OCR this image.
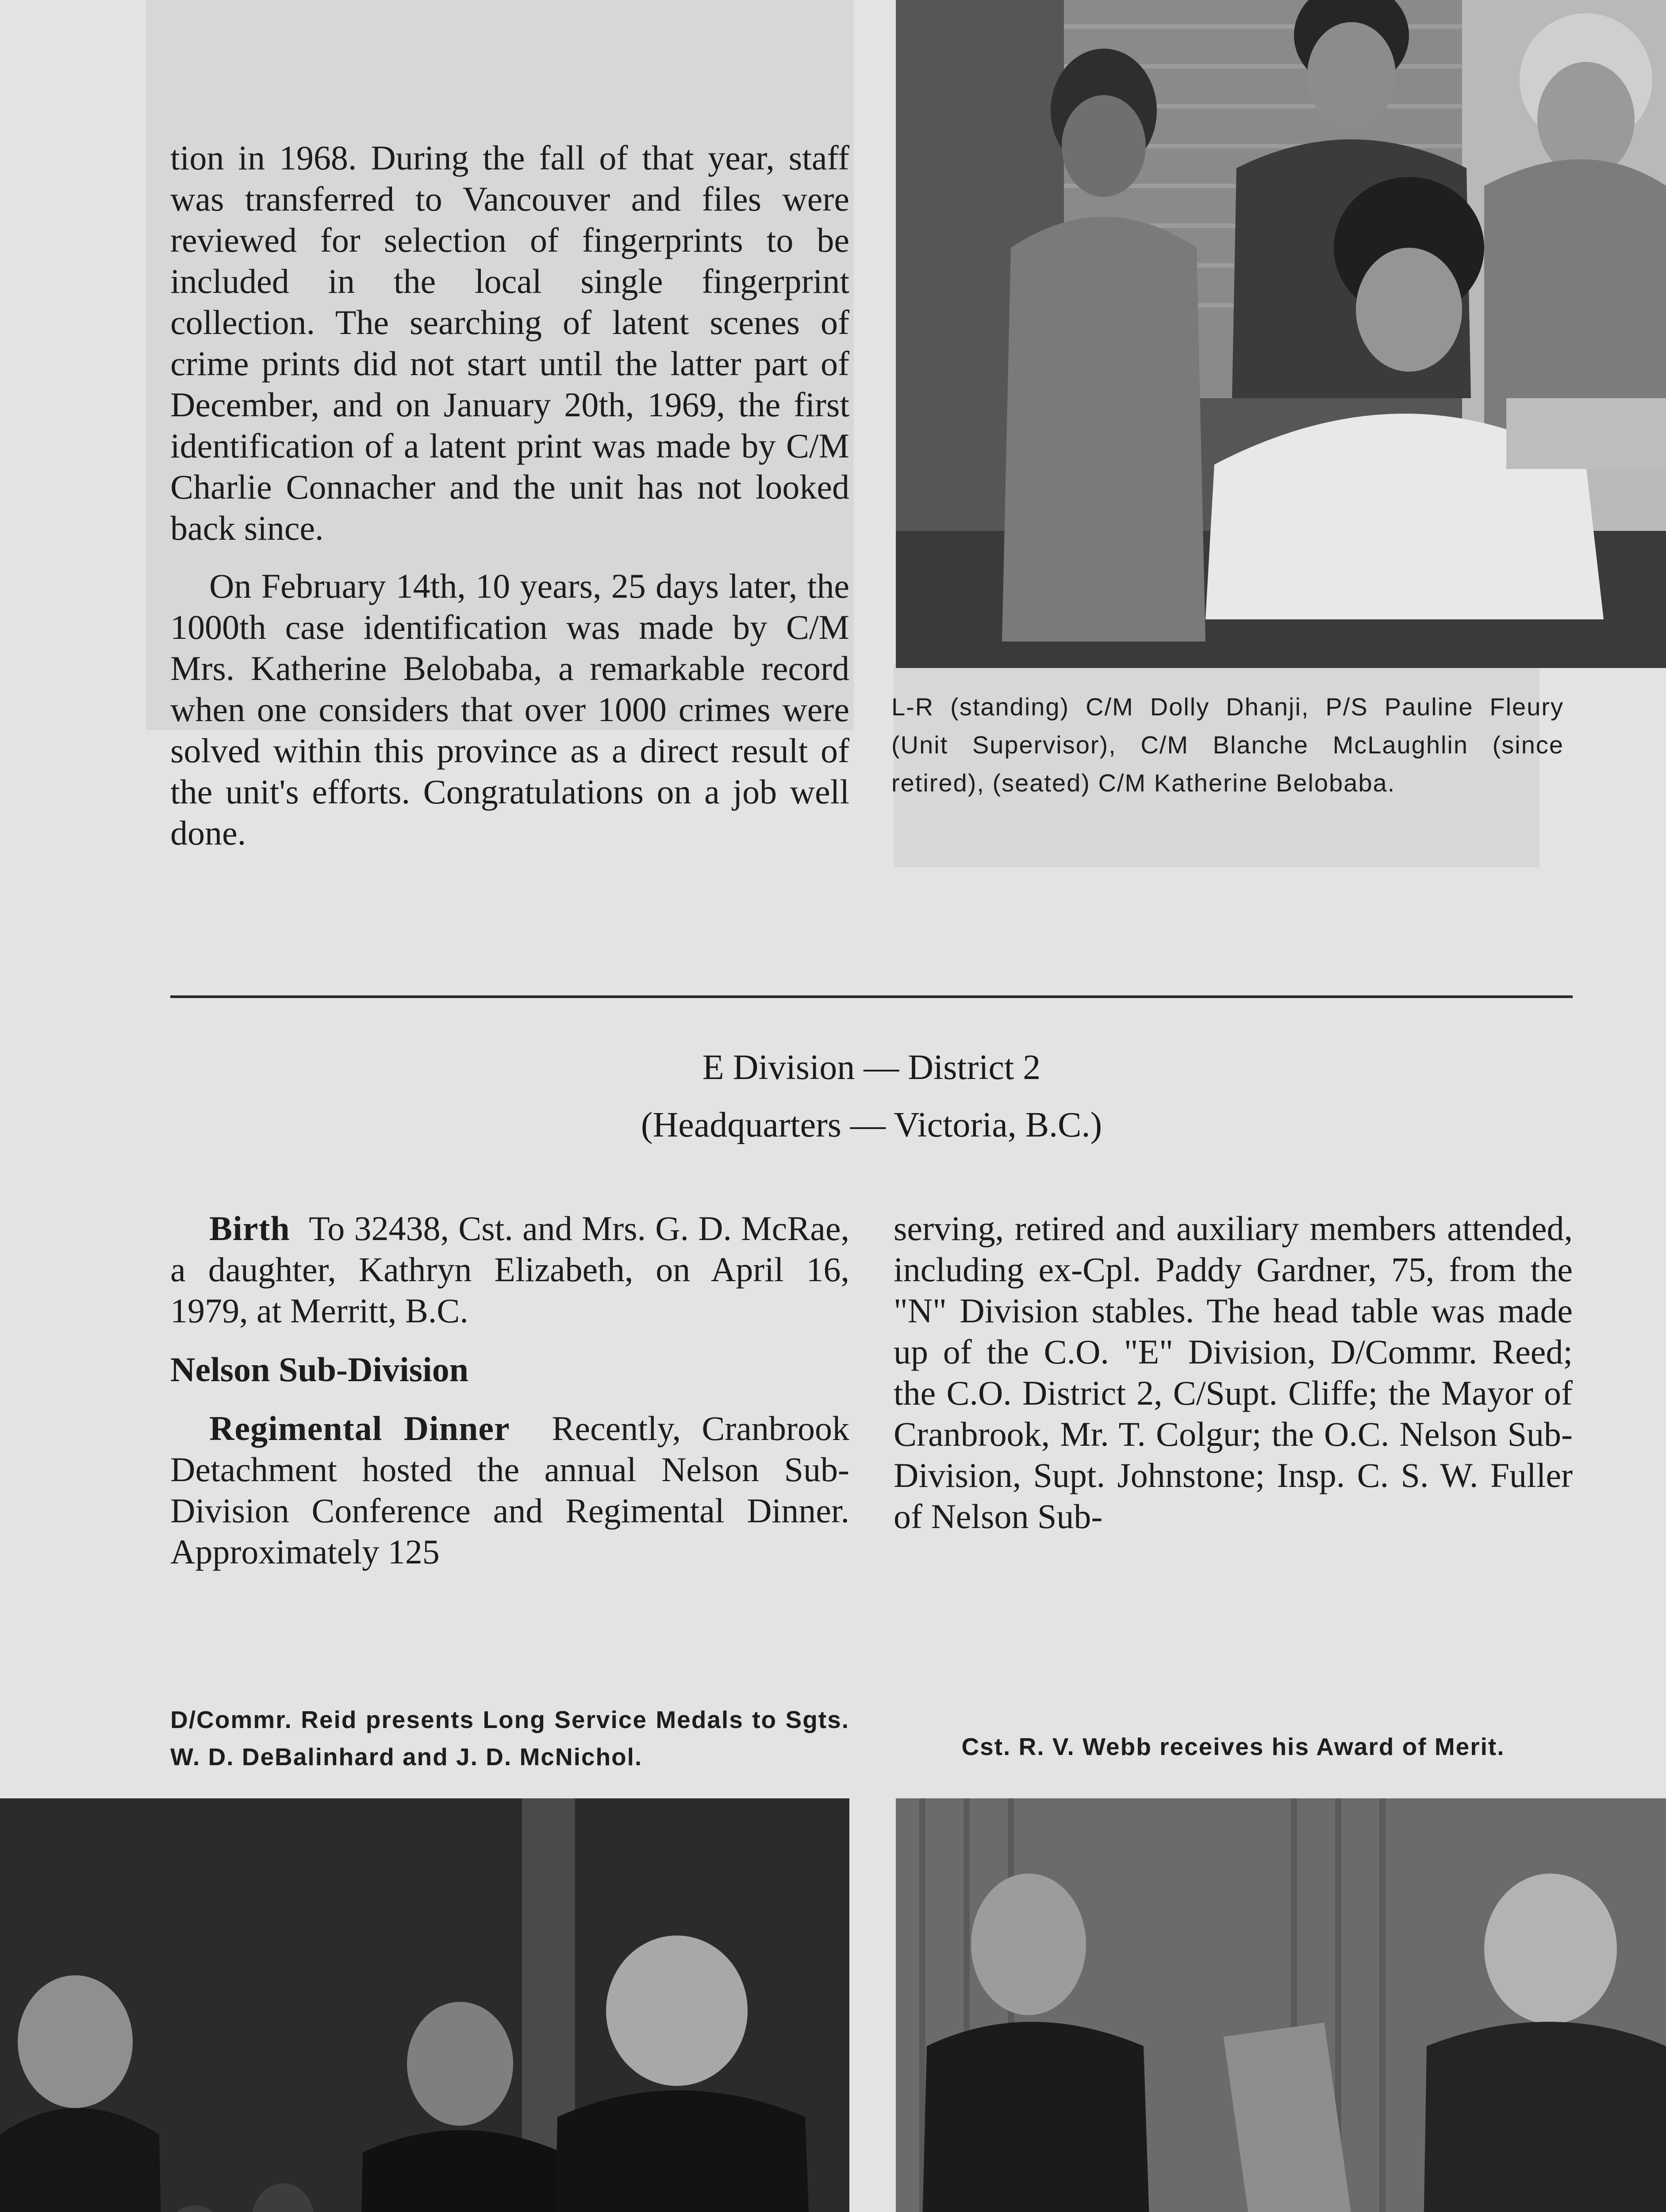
tion in 1968. During the fall of that year, staff was transferred to Vancouver and files were reviewed for selection of fingerprints to be included in the local single fingerprint collection. The searching of latent scenes of crime prints did not start until the latter part of December, and on January 20th, 1969, the first identification of a latent print was made by C/M Charlie Connacher and the unit has not looked back since.

On February 14th, 10 years, 25 days later, the 1000th case identification was made by C/M Mrs. Katherine Belobaba, a remarkable record when one considers that over 1000 crimes were solved within this province as a direct result of the unit's efforts. Congratulations on a job well done.

L-R (standing) C/M Dolly Dhanji, P/S Pauline Fleury (Unit Supervisor), C/M Blanche McLaughlin (since retired), (seated) C/M Katherine Belobaba.
E Division — District 2
(Headquarters — Victoria, B.C.)

Birth To 32438, Cst. and Mrs. G. D. McRae, a daughter, Kathryn Elizabeth, on April 16, 1979, at Merritt, B.C.

Nelson Sub-Division

Regimental Dinner Recently, Cranbrook Detachment hosted the annual Nelson Sub-Division Conference and Regimental Dinner. Approximately 125

serving, retired and auxiliary members attended, including ex-Cpl. Paddy Gardner, 75, from the "N" Division stables. The head table was made up of the C.O. "E" Division, D/Commr. Reed; the C.O. District 2, C/Supt. Cliffe; the Mayor of Cranbrook, Mr. T. Colgur; the O.C. Nelson Sub-Division, Supt. Johnstone; Insp. C. S. W. Fuller of Nelson Sub-

D/Commr. Reid presents Long Service Medals to Sgts. W. D. DeBalinhard and J. D. McNichol.	Cst. R. V. Webb receives his Award of Merit.
